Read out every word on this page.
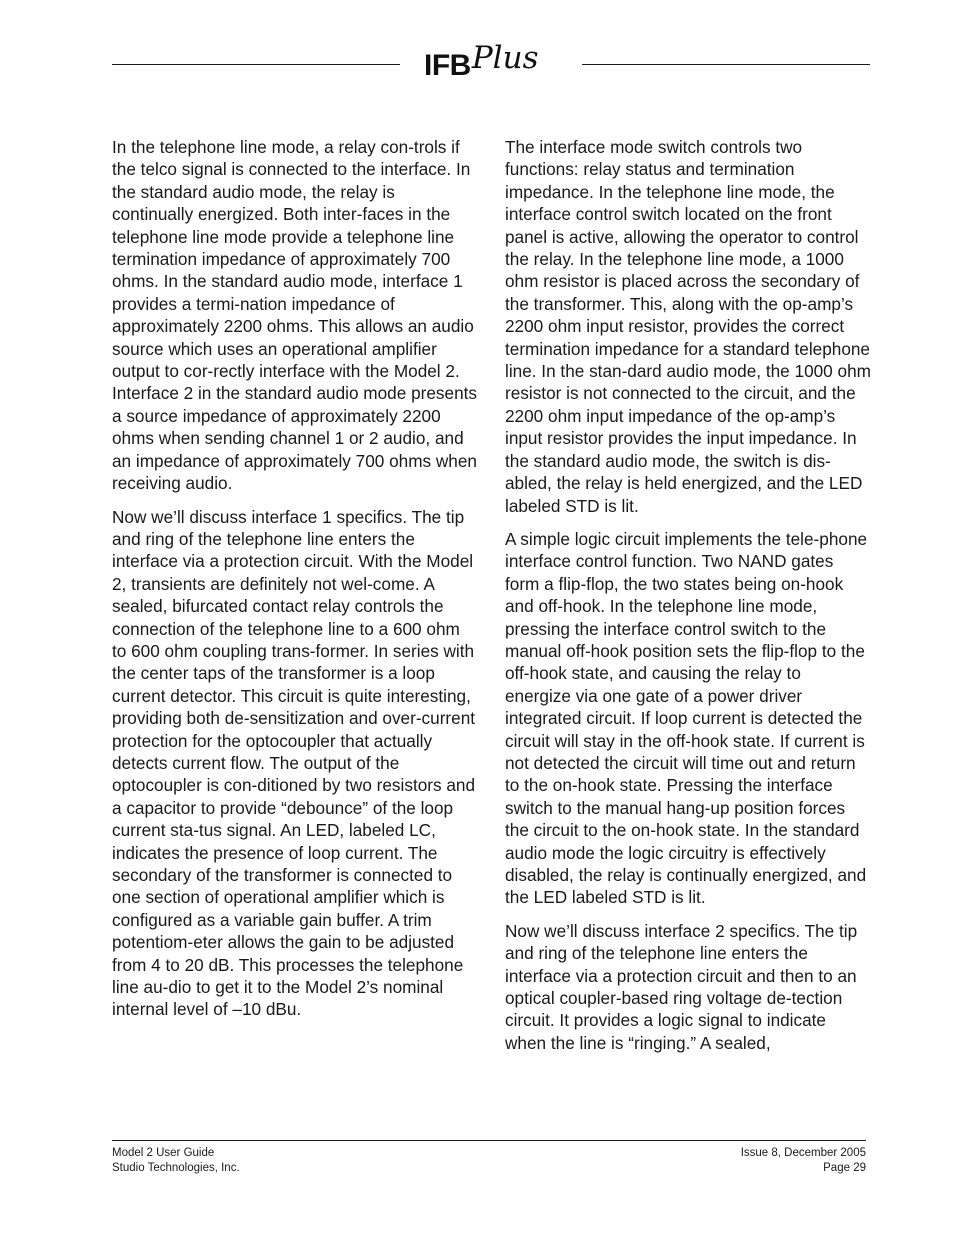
IFB Plus

In the telephone line mode, a relay con-trols if the telco signal is connected to the interface. In the standard audio mode, the relay is continually energized. Both inter-faces in the telephone line mode provide a telephone line termination impedance of approximately 700 ohms. In the standard audio mode, interface 1 provides a termi-nation impedance of approximately 2200 ohms. This allows an audio source which uses an operational amplifier output to cor-rectly interface with the Model 2. Interface 2 in the standard audio mode presents a source impedance of approximately 2200 ohms when sending channel 1 or 2 audio, and an impedance of approximately 700 ohms when receiving audio.

Now we’ll discuss interface 1 specifics. The tip and ring of the telephone line enters the interface via a protection circuit. With the Model 2, transients are definitely not wel-come. A sealed, bifurcated contact relay controls the connection of the telephone line to a 600 ohm to 600 ohm coupling trans-former. In series with the center taps of the transformer is a loop current detector. This circuit is quite interesting, providing both de-sensitization and over-current protection for the optocoupler that actually detects current flow. The output of the optocoupler is con-ditioned by two resistors and a capacitor to provide “debounce” of the loop current sta-tus signal. An LED, labeled LC, indicates the presence of loop current. The secondary of the transformer is connected to one section of operational amplifier which is configured as a variable gain buffer. A trim potentiom-eter allows the gain to be adjusted from 4 to 20 dB. This processes the telephone line au-dio to get it to the Model 2’s nominal internal level of –10 dBu.

The interface mode switch controls two functions: relay status and termination impedance. In the telephone line mode, the interface control switch located on the front panel is active, allowing the operator to control the relay. In the telephone line mode, a 1000 ohm resistor is placed across the secondary of the transformer. This, along with the op-amp’s 2200 ohm input resistor, provides the correct termination impedance for a standard telephone line. In the stan-dard audio mode, the 1000 ohm resistor is not connected to the circuit, and the 2200 ohm input impedance of the op-amp’s input resistor provides the input impedance. In the standard audio mode, the switch is dis-abled, the relay is held energized, and the LED labeled STD is lit.

A simple logic circuit implements the tele-phone interface control function. Two NAND gates form a flip-flop, the two states being on-hook and off-hook. In the telephone line mode, pressing the interface control switch to the manual off-hook position sets the flip-flop to the off-hook state, and causing the relay to energize via one gate of a power driver integrated circuit. If loop current is detected the circuit will stay in the off-hook state. If current is not detected the circuit will time out and return to the on-hook state. Pressing the interface switch to the manual hang-up position forces the circuit to the on-hook state. In the standard audio mode the logic circuitry is effectively disabled, the relay is continually energized, and the LED labeled STD is lit.

Now we’ll discuss interface 2 specifics. The tip and ring of the telephone line enters the interface via a protection circuit and then to an optical coupler-based ring voltage de-tection circuit. It provides a logic signal to indicate when the line is “ringing.” A sealed,

Model 2 User Guide
Studio Technologies, Inc.
Issue 8, December 2005
Page 29
